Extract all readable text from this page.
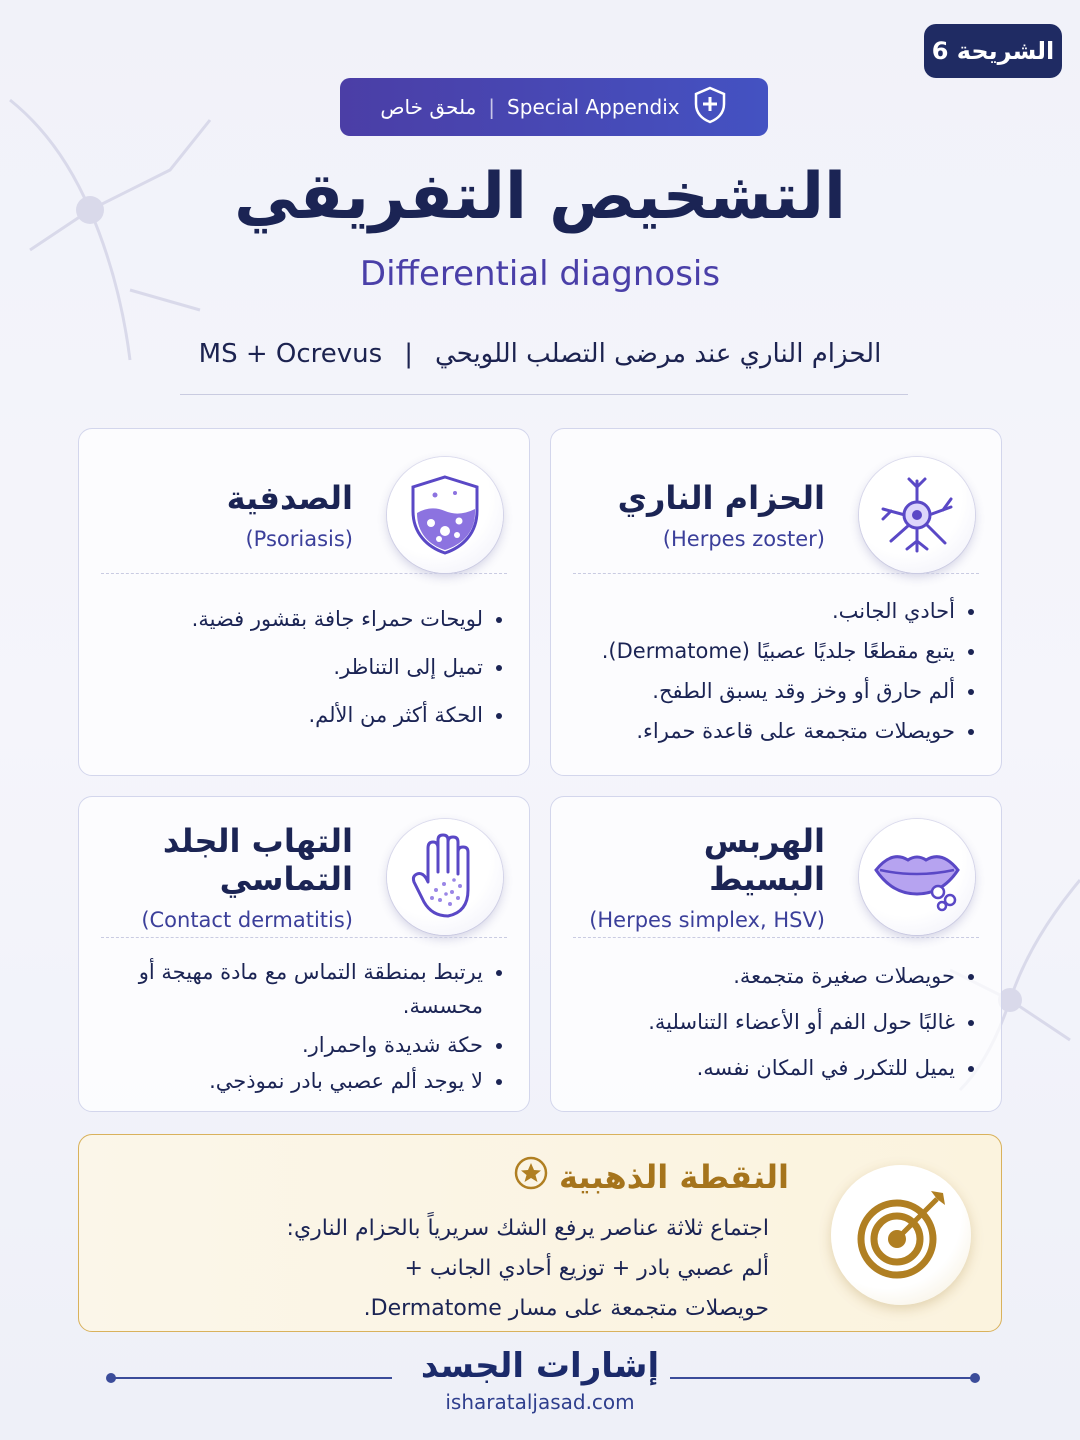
الشريحة 6
ملحق خاص | Special Appendix
التشخيص التفريقي
Differential diagnosis
MS + Ocrevus | الحزام الناري عند مرضى التصلب اللويحي
الحزام الناري
(Herpes zoster)
• أحادي الجانب.
• يتبع مقطعًا جلديًا عصبيًا (Dermatome).
• ألم حارق أو وخز وقد يسبق الطفح.
• حويصلات متجمعة على قاعدة حمراء.
الصدفية
(Psoriasis)
• لويحات حمراء جافة بقشور فضية.
• تميل إلى التناظر.
• الحكة أكثر من الألم.
الهربس البسيط
(Herpes simplex, HSV)
• حويصلات صغيرة متجمعة.
• غالبًا حول الفم أو الأعضاء التناسلية.
• يميل للتكرر في المكان نفسه.
التهاب الجلد التماسي
(Contact dermatitis)
• يرتبط بمنطقة التماس مع مادة مهيجة أو محسسة.
• حكة شديدة واحمرار.
• لا يوجد ألم عصبي بادر نموذجي.
النقطة الذهبية
اجتماع ثلاثة عناصر يرفع الشك سريرياً بالحزام الناري:
ألم عصبي بادر + توزيع أحادي الجانب +
حويصلات متجمعة على مسار Dermatome.
إشارات الجسد
isharataljasad.com
